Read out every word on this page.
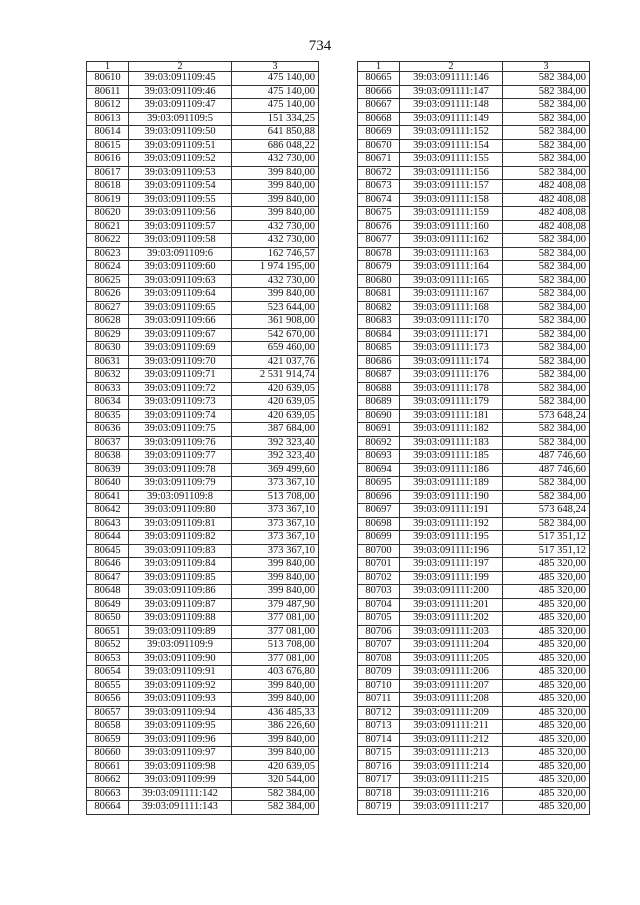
734
1	2	3
80610	39:03:091109:45	475 140,00
80611	39:03:091109:46	475 140,00
80612	39:03:091109:47	475 140,00
80613	39:03:091109:5	151 334,25
80614	39:03:091109:50	641 850,88
80615	39:03:091109:51	686 048,22
80616	39:03:091109:52	432 730,00
80617	39:03:091109:53	399 840,00
80618	39:03:091109:54	399 840,00
80619	39:03:091109:55	399 840,00
80620	39:03:091109:56	399 840,00
80621	39:03:091109:57	432 730,00
80622	39:03:091109:58	432 730,00
80623	39:03:091109:6	162 746,57
80624	39:03:091109:60	1 974 195,00
80625	39:03:091109:63	432 730,00
80626	39:03:091109:64	399 840,00
80627	39:03:091109:65	523 644,00
80628	39:03:091109:66	361 908,00
80629	39:03:091109:67	542 670,00
80630	39:03:091109:69	659 460,00
80631	39:03:091109:70	421 037,76
80632	39:03:091109:71	2 531 914,74
80633	39:03:091109:72	420 639,05
80634	39:03:091109:73	420 639,05
80635	39:03:091109:74	420 639,05
80636	39:03:091109:75	387 684,00
80637	39:03:091109:76	392 323,40
80638	39:03:091109:77	392 323,40
80639	39:03:091109:78	369 499,60
80640	39:03:091109:79	373 367,10
80641	39:03:091109:8	513 708,00
80642	39:03:091109:80	373 367,10
80643	39:03:091109:81	373 367,10
80644	39:03:091109:82	373 367,10
80645	39:03:091109:83	373 367,10
80646	39:03:091109:84	399 840,00
80647	39:03:091109:85	399 840,00
80648	39:03:091109:86	399 840,00
80649	39:03:091109:87	379 487,90
80650	39:03:091109:88	377 081,00
80651	39:03:091109:89	377 081,00
80652	39:03:091109:9	513 708,00
80653	39:03:091109:90	377 081,00
80654	39:03:091109:91	403 676,80
80655	39:03:091109:92	399 840,00
80656	39:03:091109:93	399 840,00
80657	39:03:091109:94	436 485,33
80658	39:03:091109:95	386 226,60
80659	39:03:091109:96	399 840,00
80660	39:03:091109:97	399 840,00
80661	39:03:091109:98	420 639,05
80662	39:03:091109:99	320 544,00
80663	39:03:091111:142	582 384,00
80664	39:03:091111:143	582 384,00
1	2	3
80665	39:03:091111:146	582 384,00
80666	39:03:091111:147	582 384,00
80667	39:03:091111:148	582 384,00
80668	39:03:091111:149	582 384,00
80669	39:03:091111:152	582 384,00
80670	39:03:091111:154	582 384,00
80671	39:03:091111:155	582 384,00
80672	39:03:091111:156	582 384,00
80673	39:03:091111:157	482 408,08
80674	39:03:091111:158	482 408,08
80675	39:03:091111:159	482 408,08
80676	39:03:091111:160	482 408,08
80677	39:03:091111:162	582 384,00
80678	39:03:091111:163	582 384,00
80679	39:03:091111:164	582 384,00
80680	39:03:091111:165	582 384,00
80681	39:03:091111:167	582 384,00
80682	39:03:091111:168	582 384,00
80683	39:03:091111:170	582 384,00
80684	39:03:091111:171	582 384,00
80685	39:03:091111:173	582 384,00
80686	39:03:091111:174	582 384,00
80687	39:03:091111:176	582 384,00
80688	39:03:091111:178	582 384,00
80689	39:03:091111:179	582 384,00
80690	39:03:091111:181	573 648,24
80691	39:03:091111:182	582 384,00
80692	39:03:091111:183	582 384,00
80693	39:03:091111:185	487 746,60
80694	39:03:091111:186	487 746,60
80695	39:03:091111:189	582 384,00
80696	39:03:091111:190	582 384,00
80697	39:03:091111:191	573 648,24
80698	39:03:091111:192	582 384,00
80699	39:03:091111:195	517 351,12
80700	39:03:091111:196	517 351,12
80701	39:03:091111:197	485 320,00
80702	39:03:091111:199	485 320,00
80703	39:03:091111:200	485 320,00
80704	39:03:091111:201	485 320,00
80705	39:03:091111:202	485 320,00
80706	39:03:091111:203	485 320,00
80707	39:03:091111:204	485 320,00
80708	39:03:091111:205	485 320,00
80709	39:03:091111:206	485 320,00
80710	39:03:091111:207	485 320,00
80711	39:03:091111:208	485 320,00
80712	39:03:091111:209	485 320,00
80713	39:03:091111:211	485 320,00
80714	39:03:091111:212	485 320,00
80715	39:03:091111:213	485 320,00
80716	39:03:091111:214	485 320,00
80717	39:03:091111:215	485 320,00
80718	39:03:091111:216	485 320,00
80719	39:03:091111:217	485 320,00
